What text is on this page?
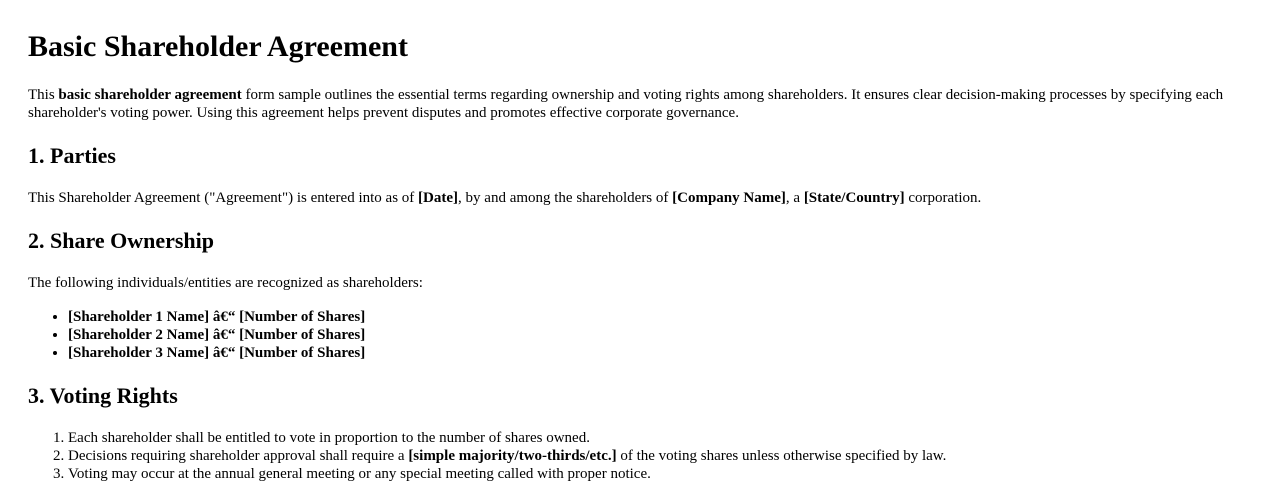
Basic Shareholder Agreement

This basic shareholder agreement form sample outlines the essential terms regarding ownership and voting rights among shareholders. It ensures clear decision-making processes by specifying each shareholder's voting power. Using this agreement helps prevent disputes and promotes effective corporate governance.

1. Parties

This Shareholder Agreement ("Agreement") is entered into as of [Date], by and among the shareholders of [Company Name], a [State/Country] corporation.

2. Share Ownership

The following individuals/entities are recognized as shareholders:

• [Shareholder 1 Name] â€“ [Number of Shares]
• [Shareholder 2 Name] â€“ [Number of Shares]
• [Shareholder 3 Name] â€“ [Number of Shares]
3. Voting Rights
1. Each shareholder shall be entitled to vote in proportion to the number of shares owned.
2. Decisions requiring shareholder approval shall require a [simple majority/two-thirds/etc.] of the voting shares unless otherwise specified by law.
3. Voting may occur at the annual general meeting or any special meeting called with proper notice.
